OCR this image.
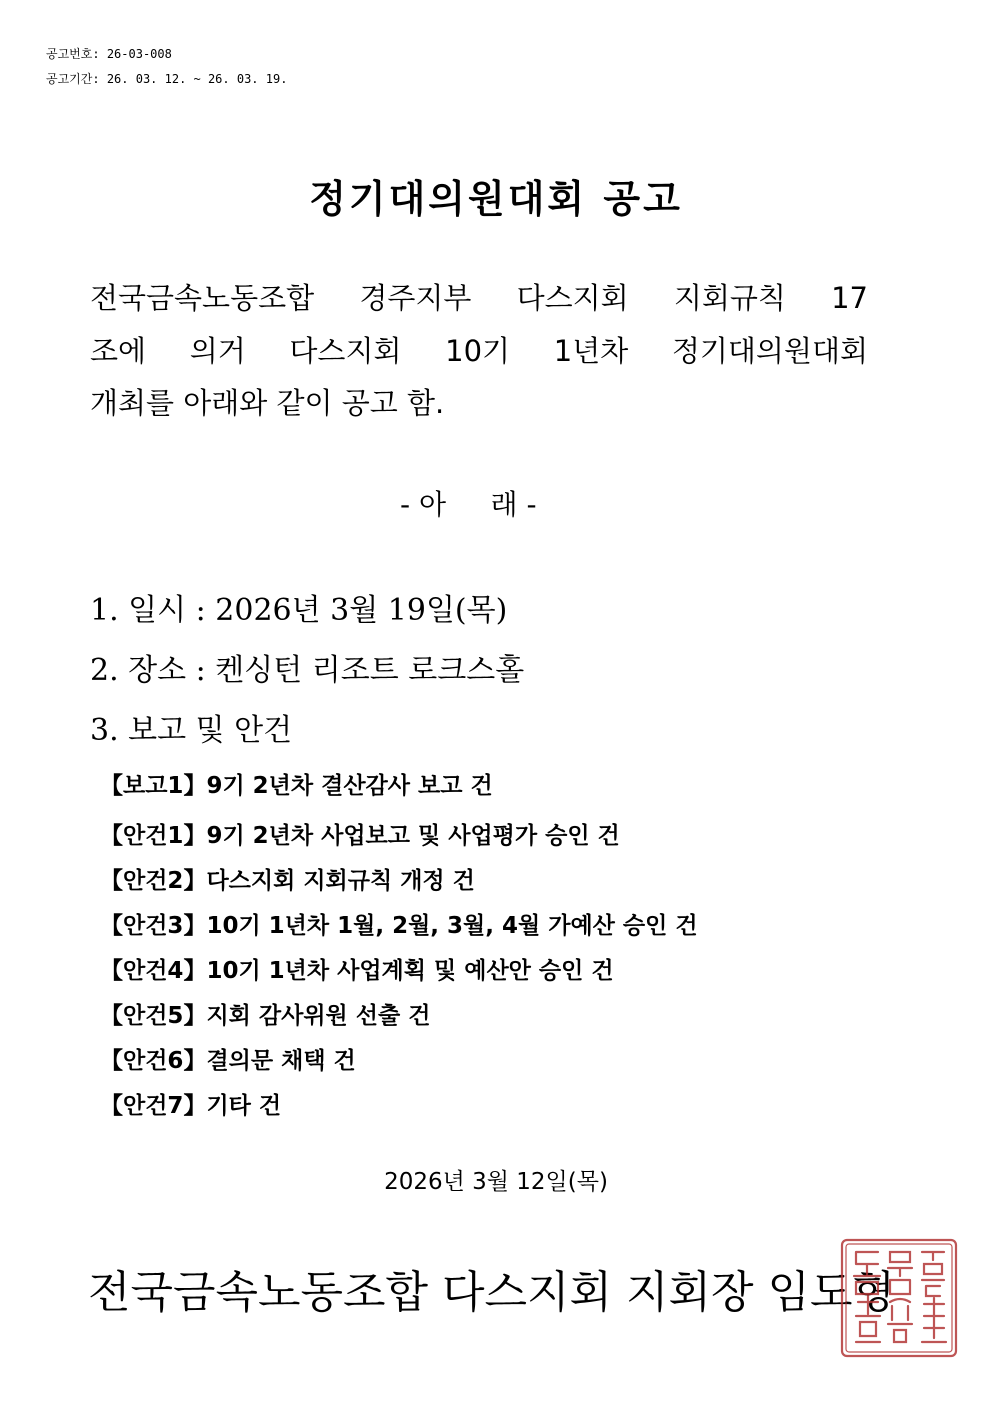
공고번호: 26-03-008
공고기간: 26. 03. 12. ~ 26. 03. 19.
정기대의원대회 공고
전국금속노동조합 경주지부 다스지회 지회규칙 17
조에 의거 다스지회 10기 1년차 정기대의원대회
개최를 아래와 같이 공고 함.
- 아     래 -
1. 일시 : 2026년 3월 19일(목)
2. 장소 : 켄싱턴 리조트 로크스홀
3. 보고 및 안건
【보고1】9기 2년차 결산감사 보고 건
【안건1】9기 2년차 사업보고 및 사업평가 승인 건
【안건2】다스지회 지회규칙 개정 건
【안건3】10기 1년차 1월, 2월, 3월, 4월 가예산 승인 건
【안건4】10기 1년차 사업계획 및 예산안 승인 건
【안건5】지회 감사위원 선출 건
【안건6】결의문 채택 건
【안건7】기타 건
2026년 3월 12일(목)
전국금속노동조합 다스지회 지회장 임도형
